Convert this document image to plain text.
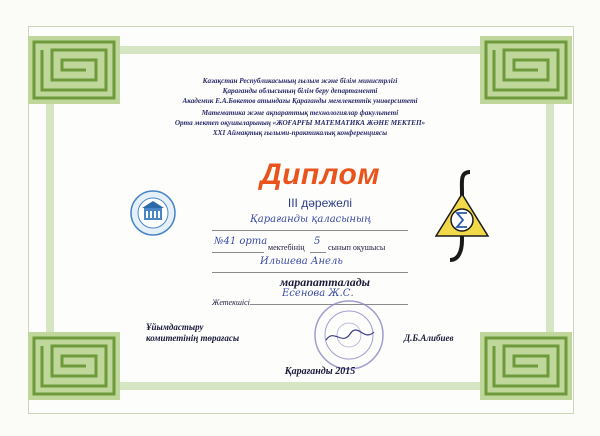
Казақстан Республикасының ғылым және білім министрлігі
Қарағанды облысының білім беру департаменті
Академик Е.А.Бөкетов атындағы Қарағанды мемлекеттік университеті
Математика және ақпараттық технологиялар факультеті
Орта мектеп оқушыларының «ЖОҒАРҒЫ МАТЕМАТИКА ЖӘНЕ МЕКТЕП»
XXI Аймақтық ғылыми-практикалық конференциясы
Диплом
III дәрежелі
Қарағанды қаласының
№41 орта
мектебінің
5
сынып оқушысы
Ильшева Анель
марапатталады
Жетекшісі
Есенова Ж.С.
Ұйымдастыру
комитетінің төрағасы	Д.Б.Алибиев
Қарағанды 2015
